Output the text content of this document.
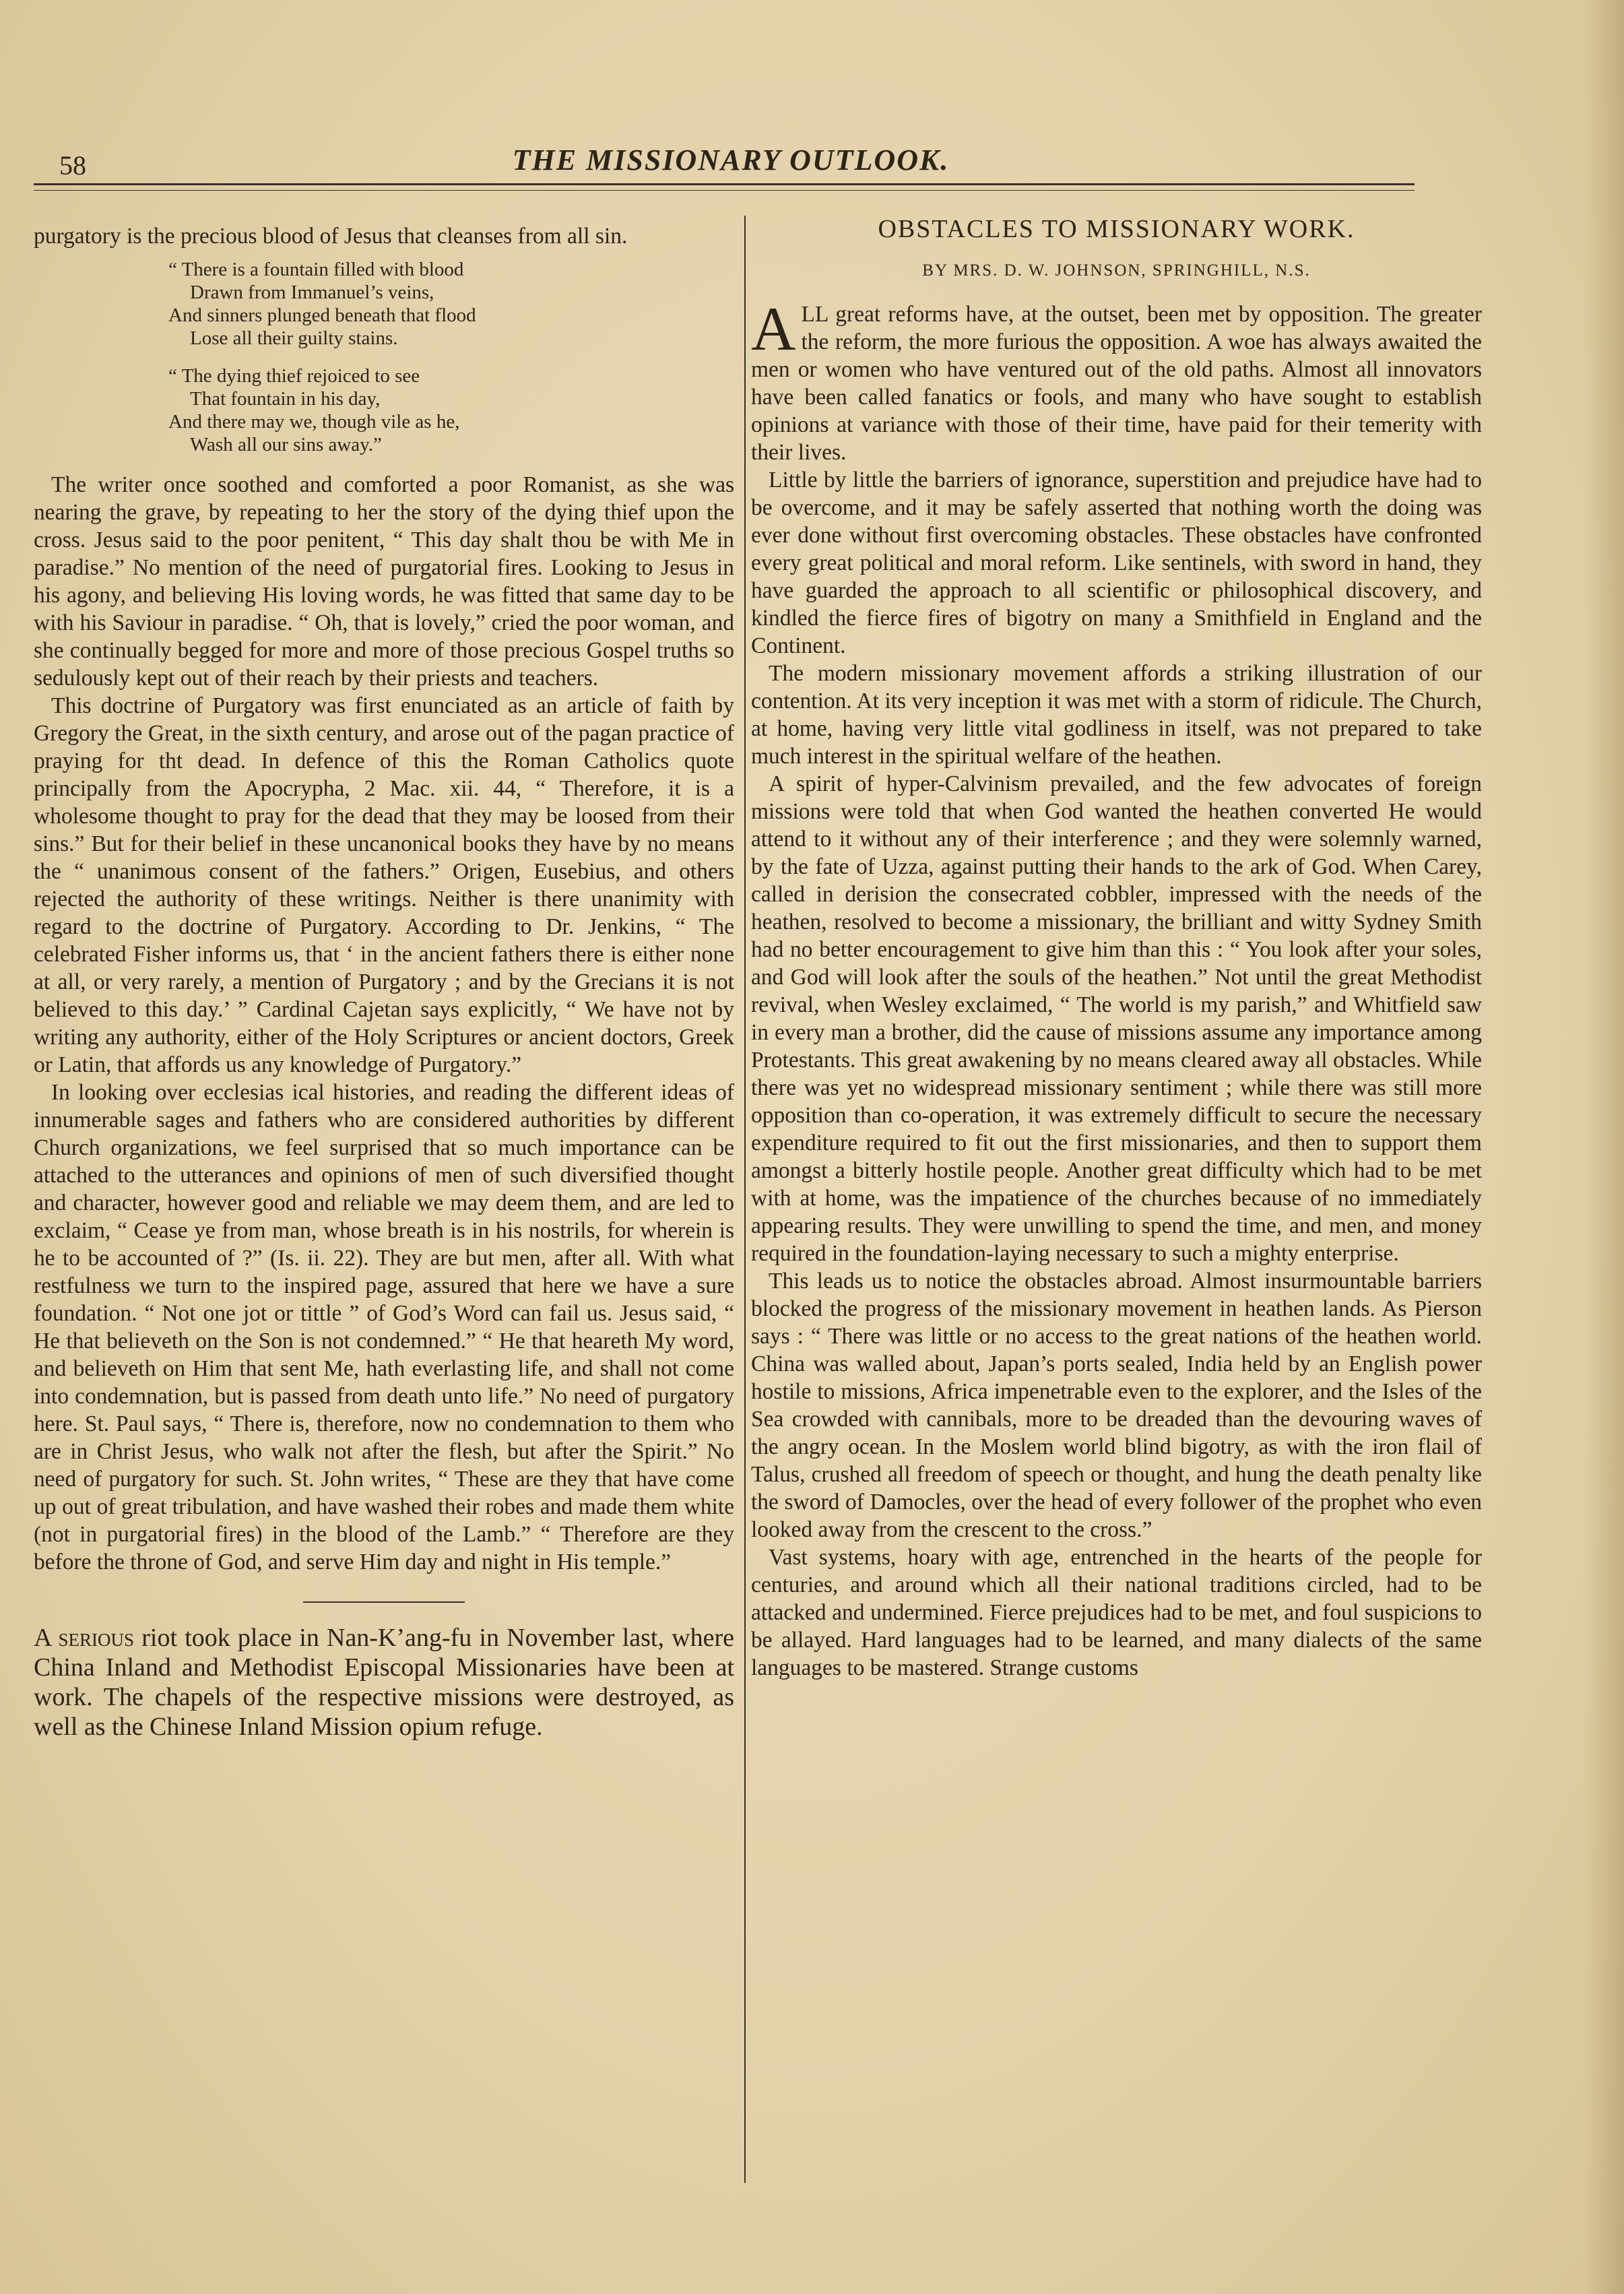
58	THE MISSIONARY OUTLOOK.

purgatory is the precious blood of Jesus that cleanses from all sin.

“ There is a fountain filled with blood
Drawn from Immanuel’s veins,
And sinners plunged beneath that flood
Lose all their guilty stains.
“ The dying thief rejoiced to see
That fountain in his day,
And there may we, though vile as he,
Wash all our sins away.”

The writer once soothed and comforted a poor Romanist, as she was nearing the grave, by repeating to her the story of the dying thief upon the cross. Jesus said to the poor penitent, “ This day shalt thou be with Me in paradise.” No mention of the need of purgatorial fires. Looking to Jesus in his agony, and believing His loving words, he was fitted that same day to be with his Saviour in paradise. “ Oh, that is lovely,” cried the poor woman, and she continually begged for more and more of those precious Gospel truths so sedulously kept out of their reach by their priests and teachers.

This doctrine of Purgatory was first enunciated as an article of faith by Gregory the Great, in the sixth century, and arose out of the pagan practice of praying for tht dead. In defence of this the Roman Catholics quote principally from the Apocrypha, 2 Mac. xii. 44, “ Therefore, it is a wholesome thought to pray for the dead that they may be loosed from their sins.” But for their belief in these uncanonical books they have by no means the “ unanimous consent of the fathers.” Origen, Eusebius, and others rejected the authority of these writings. Neither is there unanimity with regard to the doctrine of Purgatory. According to Dr. Jenkins, “ The celebrated Fisher informs us, that ‘ in the ancient fathers there is either none at all, or very rarely, a mention of Purgatory ; and by the Grecians it is not believed to this day.’ ” Cardinal Cajetan says explicitly, “ We have not by writing any authority, either of the Holy Scriptures or ancient doctors, Greek or Latin, that affords us any knowledge of Purgatory.”

In looking over ecclesias ical histories, and reading the different ideas of innumerable sages and fathers who are considered authorities by different Church organizations, we feel surprised that so much importance can be attached to the utterances and opinions of men of such diversified thought and character, however good and reliable we may deem them, and are led to exclaim, “ Cease ye from man, whose breath is in his nostrils, for wherein is he to be accounted of ?” (Is. ii. 22). They are but men, after all. With what restfulness we turn to the inspired page, assured that here we have a sure foundation. “ Not one jot or tittle ” of God’s Word can fail us. Jesus said, “ He that believeth on the Son is not condemned.” “ He that heareth My word, and believeth on Him that sent Me, hath everlasting life, and shall not come into condemnation, but is passed from death unto life.” No need of purgatory here. St. Paul says, “ There is, therefore, now no condemnation to them who are in Christ Jesus, who walk not after the flesh, but after the Spirit.” No need of purgatory for such. St. John writes, “ These are they that have come up out of great tribulation, and have washed their robes and made them white (not in purgatorial fires) in the blood of the Lamb.” “ Therefore are they before the throne of God, and serve Him day and night in His temple.”

A serious riot took place in Nan-K’ang-fu in November last, where China Inland and Methodist Episcopal Missionaries have been at work. The chapels of the respective missions were destroyed, as well as the Chinese Inland Mission opium refuge.

OBSTACLES TO MISSIONARY WORK.
BY MRS. D. W. JOHNSON, SPRINGHILL, N.S.

ALL great reforms have, at the outset, been met by opposition. The greater the reform, the more furious the opposition. A woe has always awaited the men or women who have ventured out of the old paths. Almost all innovators have been called fanatics or fools, and many who have sought to establish opinions at variance with those of their time, have paid for their temerity with their lives.

Little by little the barriers of ignorance, superstition and prejudice have had to be overcome, and it may be safely asserted that nothing worth the doing was ever done without first overcoming obstacles. These obstacles have confronted every great political and moral reform. Like sentinels, with sword in hand, they have guarded the approach to all scientific or philosophical discovery, and kindled the fierce fires of bigotry on many a Smithfield in England and the Continent.

The modern missionary movement affords a striking illustration of our contention. At its very inception it was met with a storm of ridicule. The Church, at home, having very little vital godliness in itself, was not prepared to take much interest in the spiritual welfare of the heathen.

A spirit of hyper-Calvinism prevailed, and the few advocates of foreign missions were told that when God wanted the heathen converted He would attend to it without any of their interference ; and they were solemnly warned, by the fate of Uzza, against putting their hands to the ark of God. When Carey, called in derision the consecrated cobbler, impressed with the needs of the heathen, resolved to become a missionary, the brilliant and witty Sydney Smith had no better encouragement to give him than this : “ You look after your soles, and God will look after the souls of the heathen.” Not until the great Methodist revival, when Wesley exclaimed, “ The world is my parish,” and Whitfield saw in every man a brother, did the cause of missions assume any importance among Protestants. This great awakening by no means cleared away all obstacles. While there was yet no widespread missionary sentiment ; while there was still more opposition than co-operation, it was extremely difficult to secure the necessary expenditure required to fit out the first missionaries, and then to support them amongst a bitterly hostile people. Another great difficulty which had to be met with at home, was the impatience of the churches because of no immediately appearing results. They were unwilling to spend the time, and men, and money required in the foundation-laying necessary to such a mighty enterprise.

This leads us to notice the obstacles abroad. Almost insurmountable barriers blocked the progress of the missionary movement in heathen lands. As Pierson says : “ There was little or no access to the great nations of the heathen world. China was walled about, Japan’s ports sealed, India held by an English power hostile to missions, Africa impenetrable even to the explorer, and the Isles of the Sea crowded with cannibals, more to be dreaded than the devouring waves of the angry ocean. In the Moslem world blind bigotry, as with the iron flail of Talus, crushed all freedom of speech or thought, and hung the death penalty like the sword of Damocles, over the head of every follower of the prophet who even looked away from the crescent to the cross.”

Vast systems, hoary with age, entrenched in the hearts of the people for centuries, and around which all their national traditions circled, had to be attacked and undermined. Fierce prejudices had to be met, and foul suspicions to be allayed. Hard languages had to be learned, and many dialects of the same languages to be mastered. Strange customs
